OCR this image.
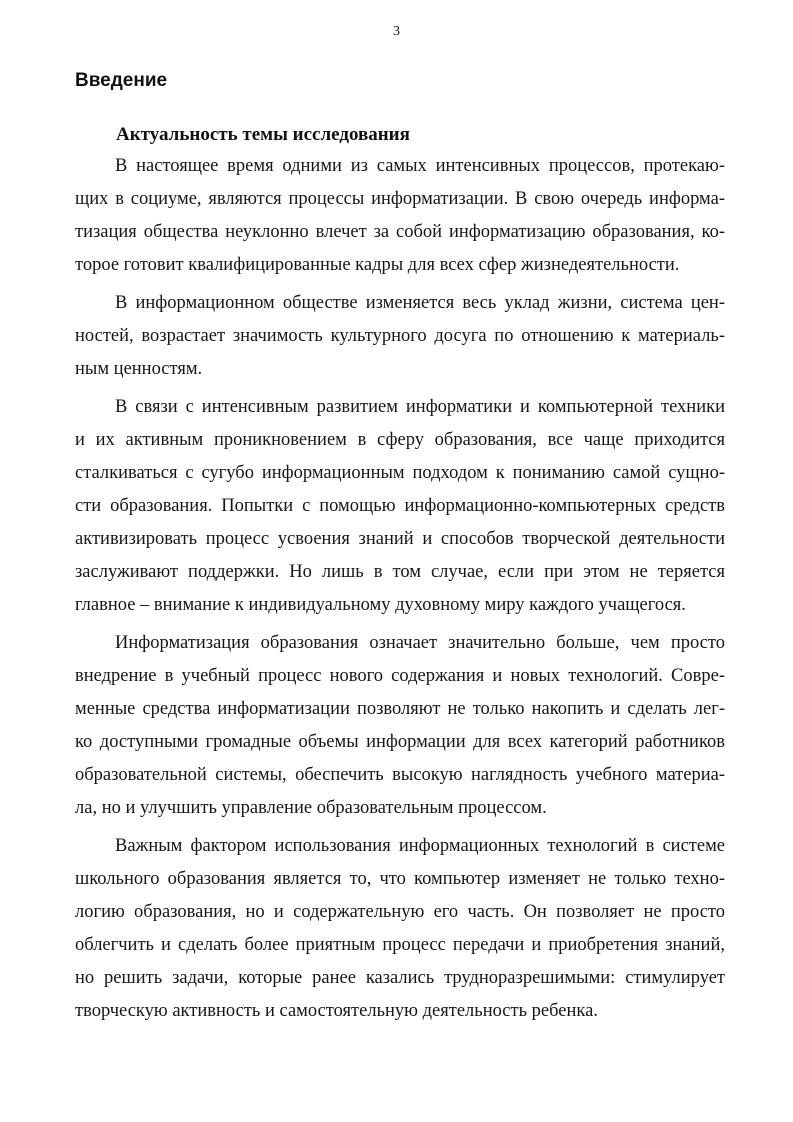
3
Введение
Актуальность темы исследования
В настоящее время одними из самых интенсивных процессов, протекаю-
щих в социуме, являются процессы информатизации. В свою очередь информа-
тизация общества неуклонно влечет за собой информатизацию образования, ко-
торое готовит квалифицированные кадры для всех сфер жизнедеятельности.
В информационном обществе изменяется весь уклад жизни, система цен-
ностей, возрастает значимость культурного досуга по отношению к материаль-
ным ценностям.
В связи с интенсивным развитием информатики и компьютерной техники
и их активным проникновением в сферу образования, все чаще приходится
сталкиваться с сугубо информационным подходом к пониманию самой сущно-
сти образования. Попытки с помощью информационно-компьютерных средств
активизировать процесс усвоения знаний и способов творческой деятельности
заслуживают поддержки. Но лишь в том случае, если при этом не теряется
главное – внимание к индивидуальному духовному миру каждого учащегося.
Информатизация образования означает значительно больше, чем просто
внедрение в учебный процесс нового содержания и новых технологий. Совре-
менные средства информатизации позволяют не только накопить и сделать лег-
ко доступными громадные объемы информации для всех категорий работников
образовательной системы, обеспечить высокую наглядность учебного материа-
ла, но и улучшить управление образовательным процессом.
Важным фактором использования информационных технологий в системе
школьного образования является то, что компьютер изменяет не только техно-
логию образования, но и содержательную его часть. Он позволяет не просто
облегчить и сделать более приятным процесс передачи и приобретения знаний,
но решить задачи, которые ранее казались трудноразрешимыми: стимулирует
творческую активность и самостоятельную деятельность ребенка.
